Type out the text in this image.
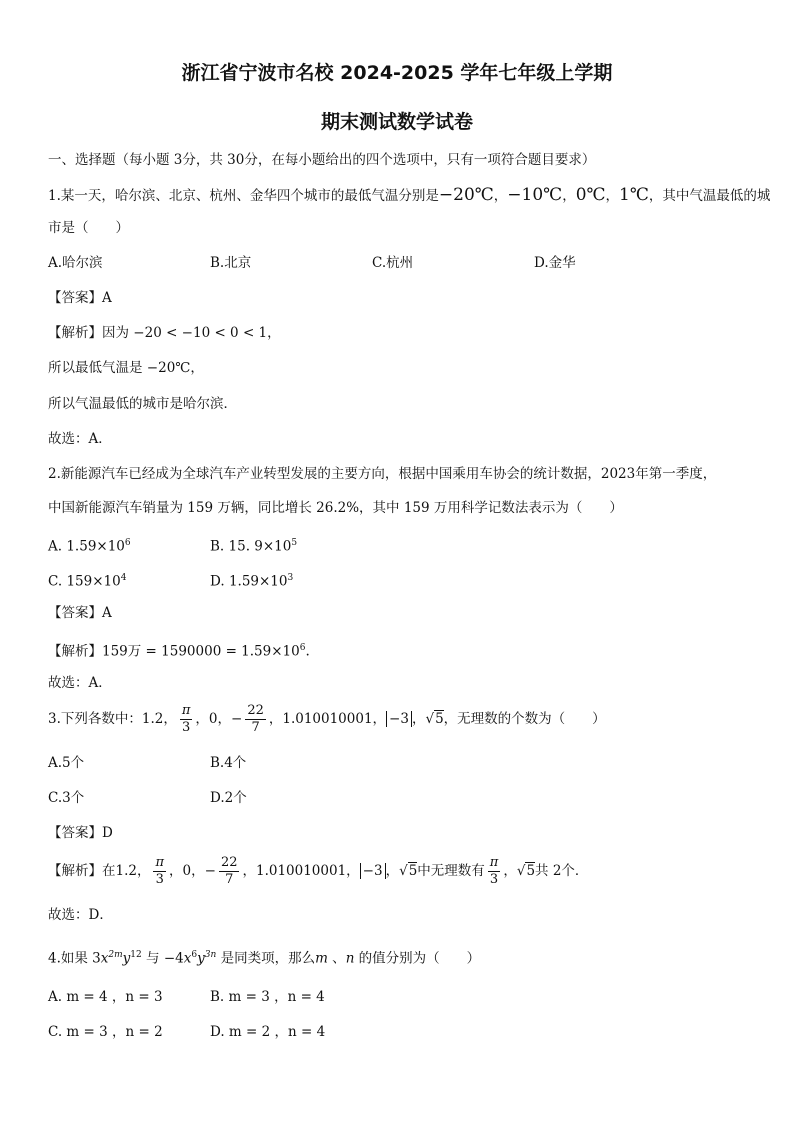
浙江省宁波市名校 2024-2025 学年七年级上学期
期末测试数学试卷
一、选择题（每小题 3分，共 30分，在每小题给出的四个选项中，只有一项符合题目要求）
1.某一天，哈尔滨、北京、杭州、金华四个城市的最低气温分别是−20℃，−10℃，0℃，1℃，其中气温最低的城
市是（　　）
A.哈尔滨	B.北京	C.杭州	D.金华
【答案】A
【解析】因为 −20 < −10 < 0 < 1，
所以最低气温是 −20℃，
所以气温最低的城市是哈尔滨．
故选：A．
2.新能源汽车已经成为全球汽车产业转型发展的主要方向，根据中国乘用车协会的统计数据，2023年第一季度，
中国新能源汽车销量为 159 万辆，同比增长 26.2%，其中 159 万用科学记数法表示为（　　）
A. $1.59\times 10^6$	B. 15. $9\times 10^5$
C. $159\times 10^4$	D. $1.59\times 10^3$
【答案】A
【解析】159万 = $1590000 = 1.59\times 10^6$.
故选：A．
3.下列各数中：1.2， $\frac{\pi}{3}$ ，0，− $\frac{22}{7}$ ，1.010010001， −3 ，√5，无理数的个数为（　　）
A.5个	B.4个
C.3个	D.2个
【答案】D
【解析】在1.2， $\frac{\pi}{3}$ ，0，− $\frac{22}{7}$ ，1.010010001， −3 ，√5中无理数有 $\frac{\pi}{3}$ ，√5共 2个．
故选：D．
4.如果 $3x^{2m}y^{12}$ 与 $-4x^6y^{3n}$ 是同类项，那么m 、n 的值分别为（　　）
A. m = 4 ，n = 3	B. m = 3 ，n = 4
C. m = 3 ，n = 2	D. m = 2 ，n = 4
